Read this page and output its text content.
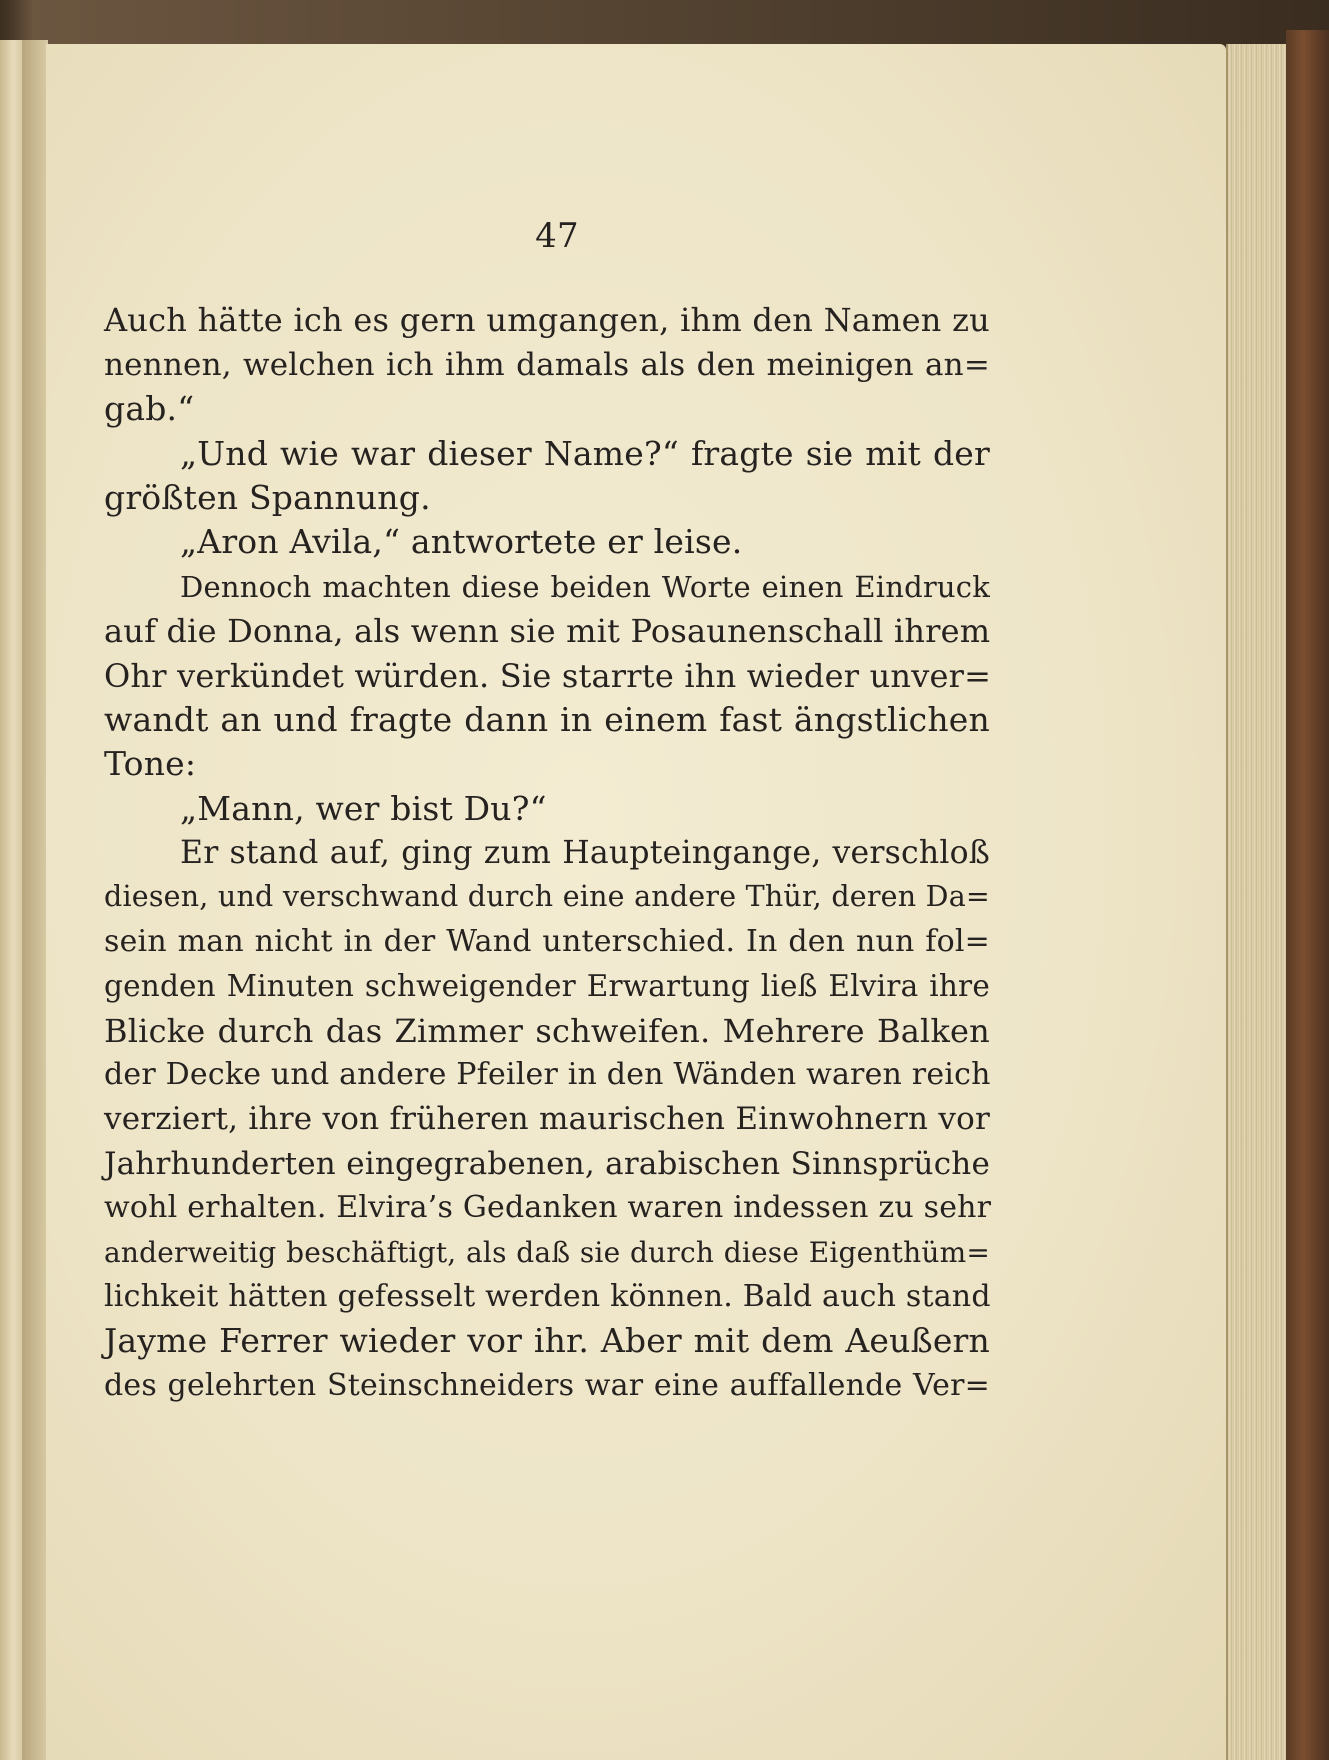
47
Auch hätte ich es gern umgangen, ihm den Namen zu
nennen, welchen ich ihm damals als den meinigen an=
gab.“
„Und wie war dieser Name?“ fragte sie mit der
größten Spannung.
„Aron Avila,“ antwortete er leise.
Dennoch machten diese beiden Worte einen Eindruck
auf die Donna, als wenn sie mit Posaunenschall ihrem
Ohr verkündet würden. Sie starrte ihn wieder unver=
wandt an und fragte dann in einem fast ängstlichen
Tone:
„Mann, wer bist Du?“
Er stand auf, ging zum Haupteingange, verschloß
diesen, und verschwand durch eine andere Thür, deren Da=
sein man nicht in der Wand unterschied. In den nun fol=
genden Minuten schweigender Erwartung ließ Elvira ihre
Blicke durch das Zimmer schweifen. Mehrere Balken
der Decke und andere Pfeiler in den Wänden waren reich
verziert, ihre von früheren maurischen Einwohnern vor
Jahrhunderten eingegrabenen, arabischen Sinnsprüche
wohl erhalten. Elvira’s Gedanken waren indessen zu sehr
anderweitig beschäftigt, als daß sie durch diese Eigenthüm=
lichkeit hätten gefesselt werden können. Bald auch stand
Jayme Ferrer wieder vor ihr. Aber mit dem Aeußern
des gelehrten Steinschneiders war eine auffallende Ver=
